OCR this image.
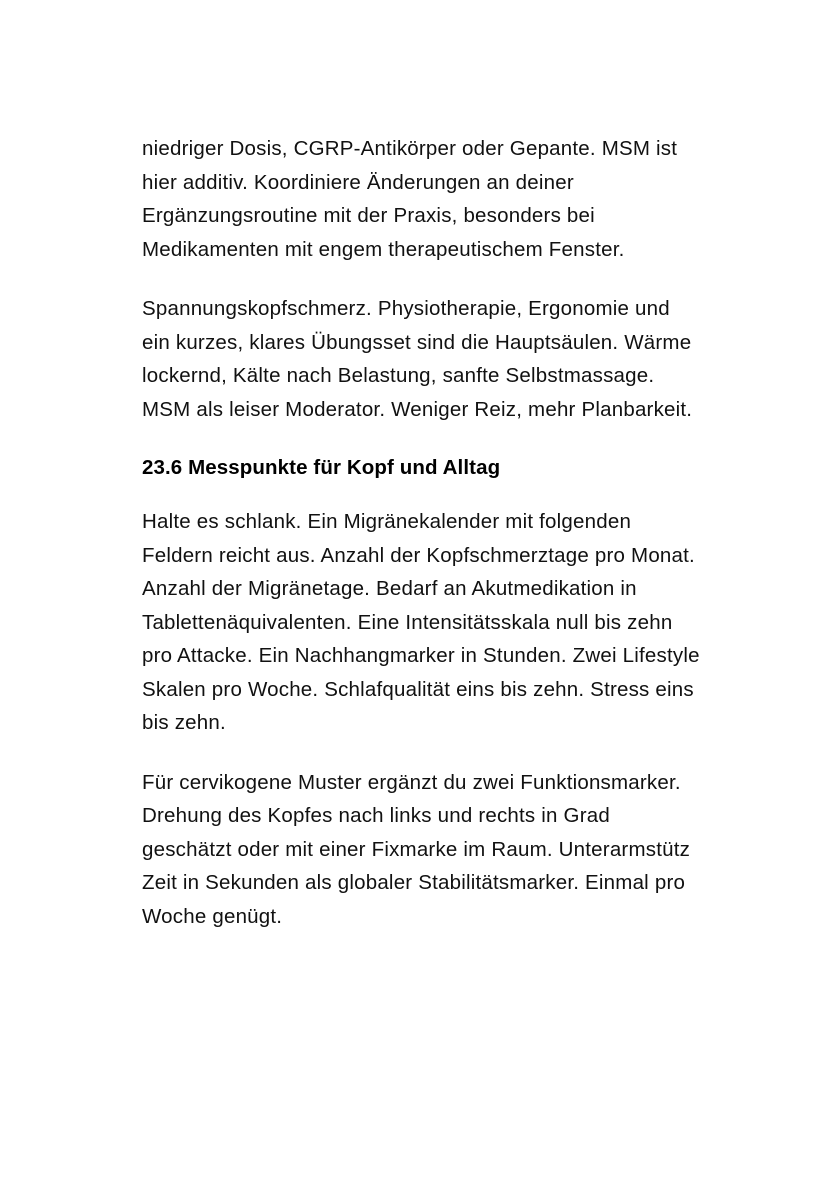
niedriger Dosis, CGRP-Antikörper oder Gepante. MSM ist hier additiv. Koordiniere Änderungen an deiner Ergänzungsroutine mit der Praxis, besonders bei Medikamenten mit engem therapeutischem Fenster.

Spannungskopfschmerz. Physiotherapie, Ergonomie und ein kurzes, klares Übungsset sind die Hauptsäulen. Wärme lockernd, Kälte nach Belastung, sanfte Selbstmassage. MSM als leiser Moderator. Weniger Reiz, mehr Planbarkeit.

23.6 Messpunkte für Kopf und Alltag

Halte es schlank. Ein Migränekalender mit folgenden Feldern reicht aus. Anzahl der Kopfschmerztage pro Monat. Anzahl der Migränetage. Bedarf an Akutmedikation in Tablettenäquivalenten. Eine Intensitätsskala null bis zehn pro Attacke. Ein Nachhangmarker in Stunden. Zwei Lifestyle Skalen pro Woche. Schlafqualität eins bis zehn. Stress eins bis zehn.

Für cervikogene Muster ergänzt du zwei Funktionsmarker. Drehung des Kopfes nach links und rechts in Grad geschätzt oder mit einer Fixmarke im Raum. Unterarmstütz Zeit in Sekunden als globaler Stabilitätsmarker. Einmal pro Woche genügt.
